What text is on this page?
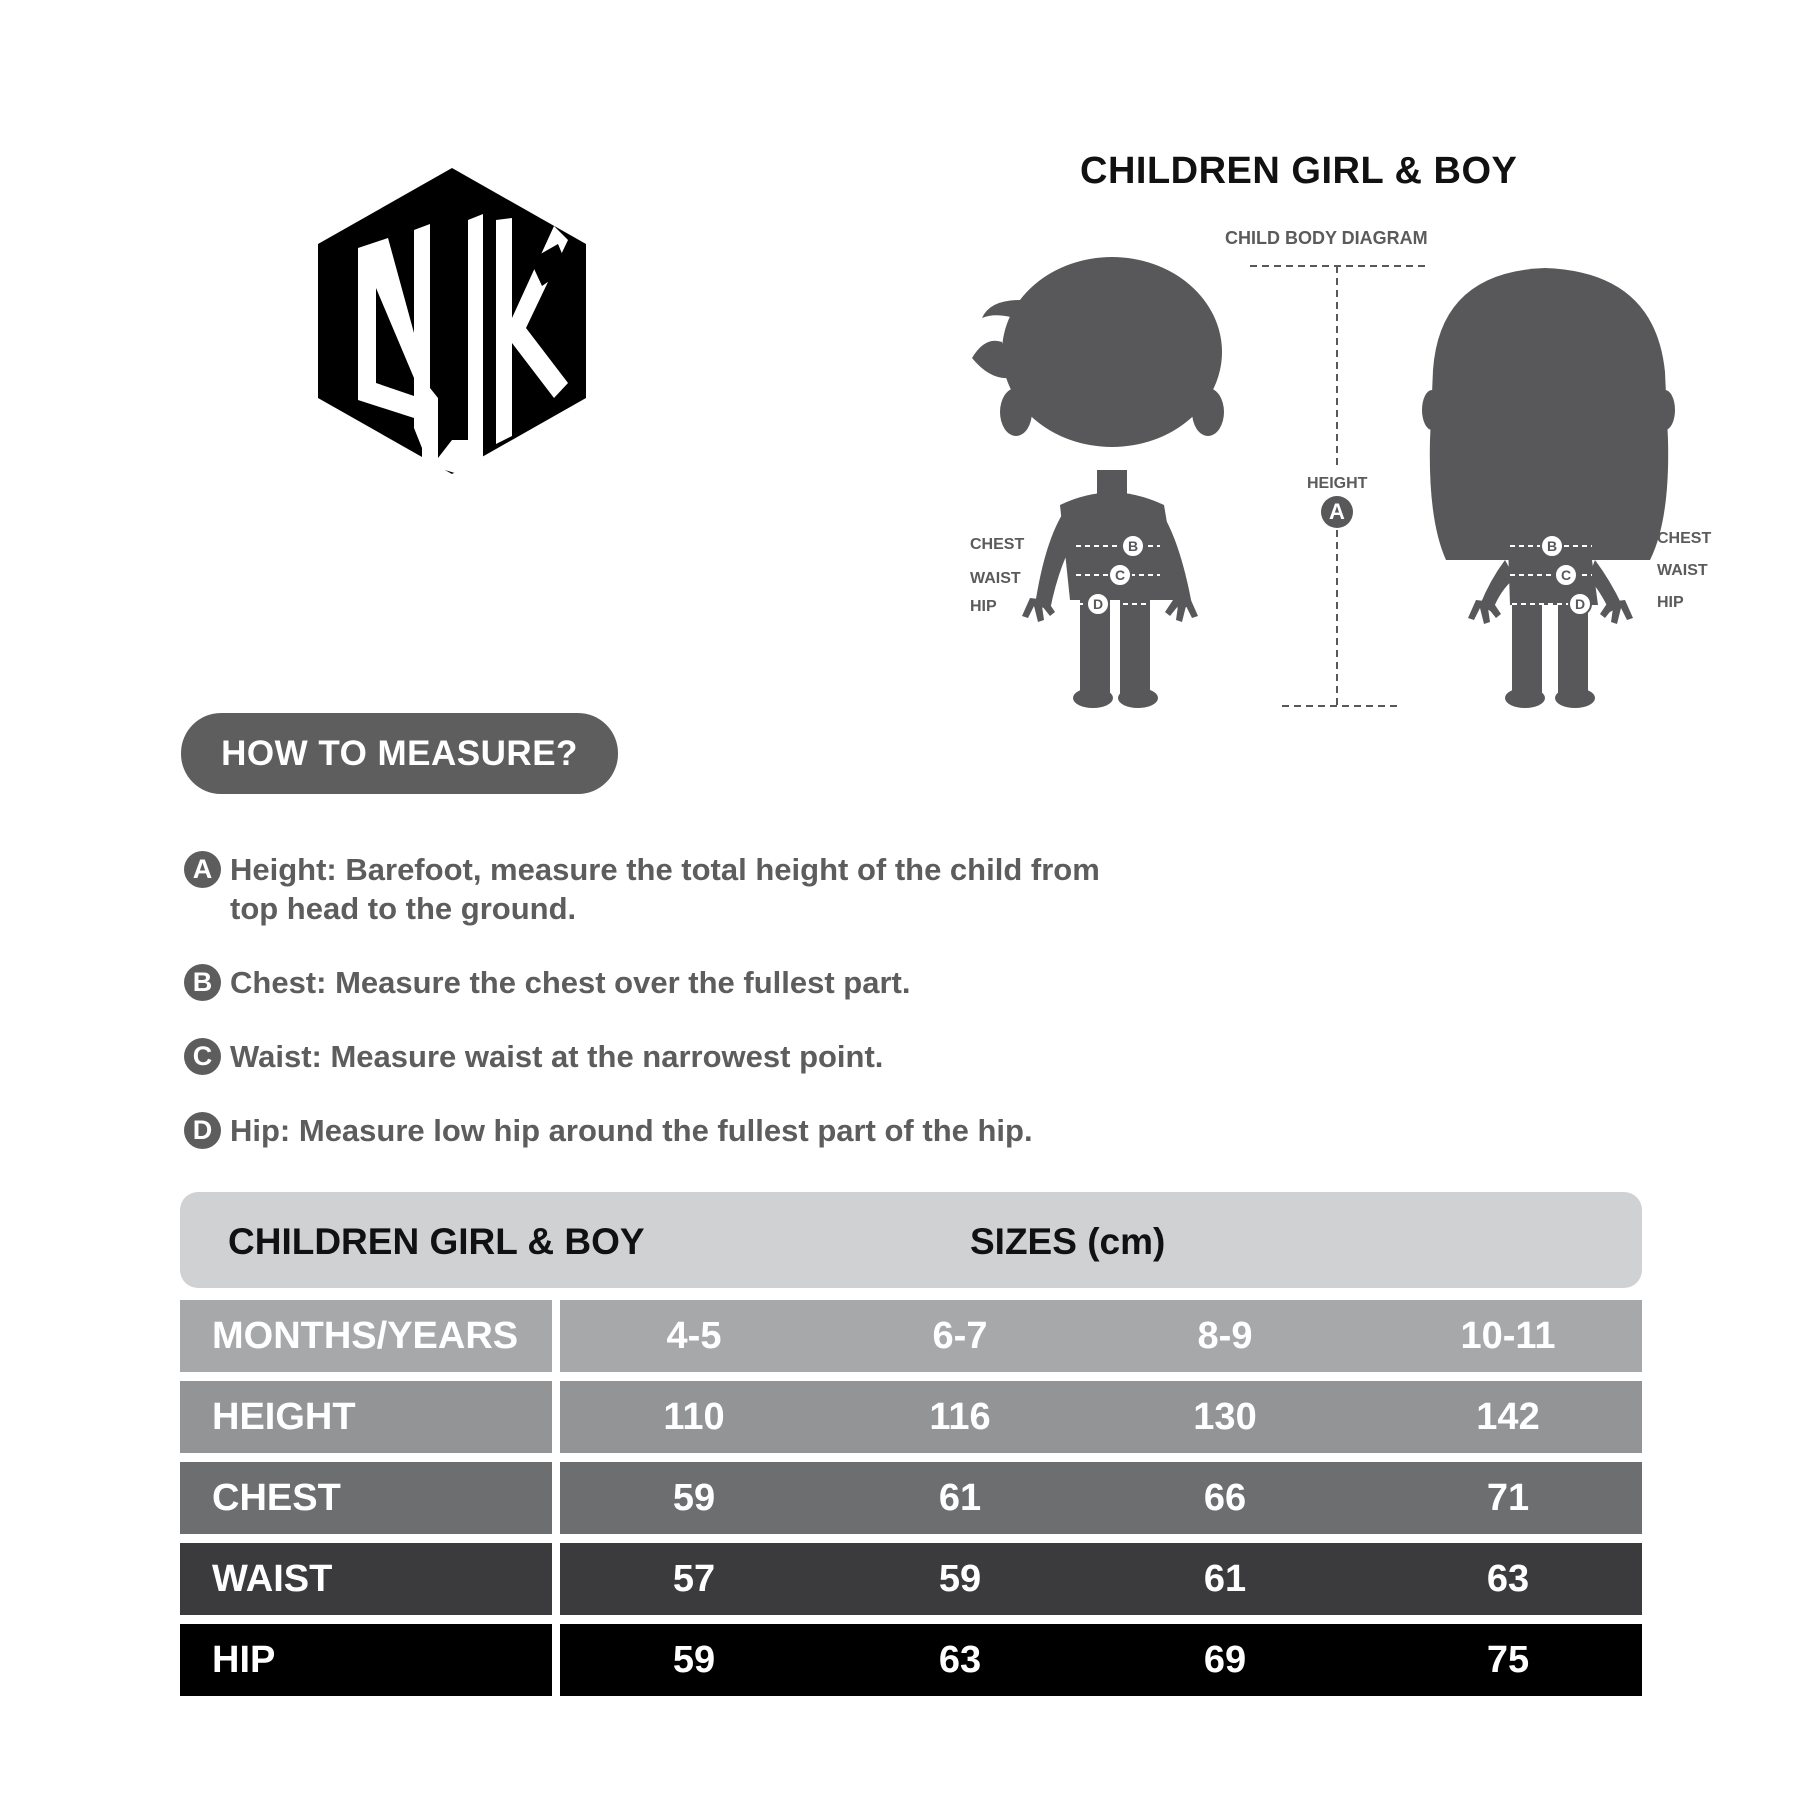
CHILDREN GIRL & BOY
CHILD BODY DIAGRAM
HEIGHT
A
B
C
D
B
C
D
CHEST
WAIST
HIP
CHEST
WAIST
HIP
HOW TO MEASURE?
A Height: Barefoot, measure the total height of the child from
top head to the ground.
B Chest: Measure the chest over the fullest part.
C Waist: Measure waist at the narrowest point.
D Hip: Measure low hip around the fullest part of the hip.
CHILDREN GIRL & BOY	SIZES (cm)
MONTHS/YEARS	4-5	6-7	8-9	10-11
HEIGHT	110	116	130	142
CHEST	59	61	66	71
WAIST	57	59	61	63
HIP	59	63	69	75
